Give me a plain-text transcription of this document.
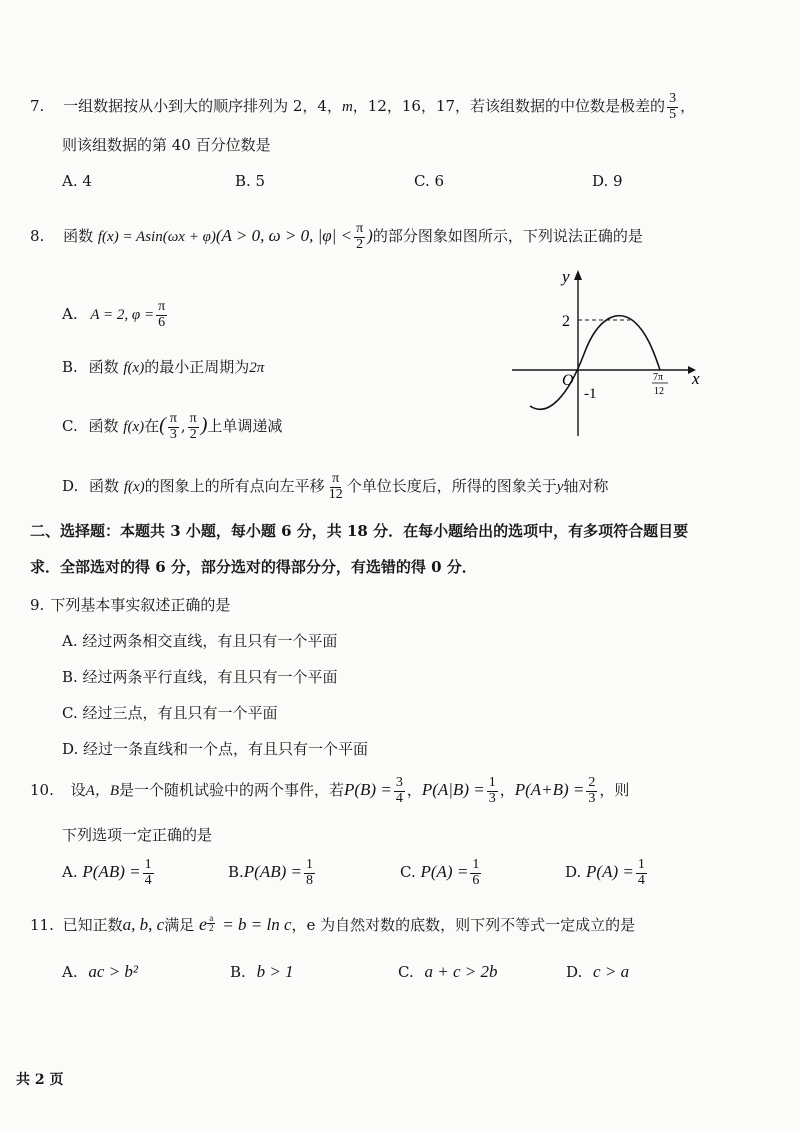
7. 一组数据按从小到大的顺序排列为 2，4，m，12，16，17，若该组数据的中位数是极差的 $\frac{3}{5}$ ，
则该组数据的第 40 百分位数是
A. 4	B. 5	C. 6	D. 9
8. 函数 f(x) = Asin(ωx + φ)(A > 0, ω > 0, $|\varphi| < \frac{\pi}{2}$ )的部分图象如图所示，下列说法正确的是
A. A = 2, $\varphi = \frac{\pi}{6}$
B. 函数 f(x)的最小正周期为2π
C. 函数 f(x)在( $\frac{\pi}{3}$ , $\frac{\pi}{2}$ )上单调递减
D. 函数 f(x)的图象上的所有点向左平移 $\frac{\pi}{12}$ 个单位长度后，所得的图象关于y轴对称
y
x
O
2
-1
7π
12
二、选择题：本题共 3 小题，每小题 6 分，共 18 分．在每小题给出的选项中，有多项符合题目要
求．全部选对的得 6 分，部分选对的得部分分，有选错的得 0 分．
9. 下列基本事实叙述正确的是
A. 经过两条相交直线，有且只有一个平面
B. 经过两条平行直线，有且只有一个平面
C. 经过三点，有且只有一个平面
D. 经过一条直线和一个点，有且只有一个平面
10. 设A，B是一个随机试验中的两个事件，若$P(B) = \frac{3}{4}$ ，$P(A|B) = \frac{1}{3}$ ，$P(A+B) = \frac{2}{3}$ ，则
下列选项一定正确的是
A. $P(AB) = \frac{1}{4}$	$B.P(AB) = \frac{1}{8}$	C. $P(A) = \frac{1}{6}$	D. $P(A) = \frac{1}{4}$
11. 已知正数a, b, c满足 e $\frac{a}{2} = b = \ln c$，e 为自然对数的底数，则下列不等式一定成立的是
A. ac > b²	B. b > 1	C. a + c > 2b	D. c > a
共 2 页
